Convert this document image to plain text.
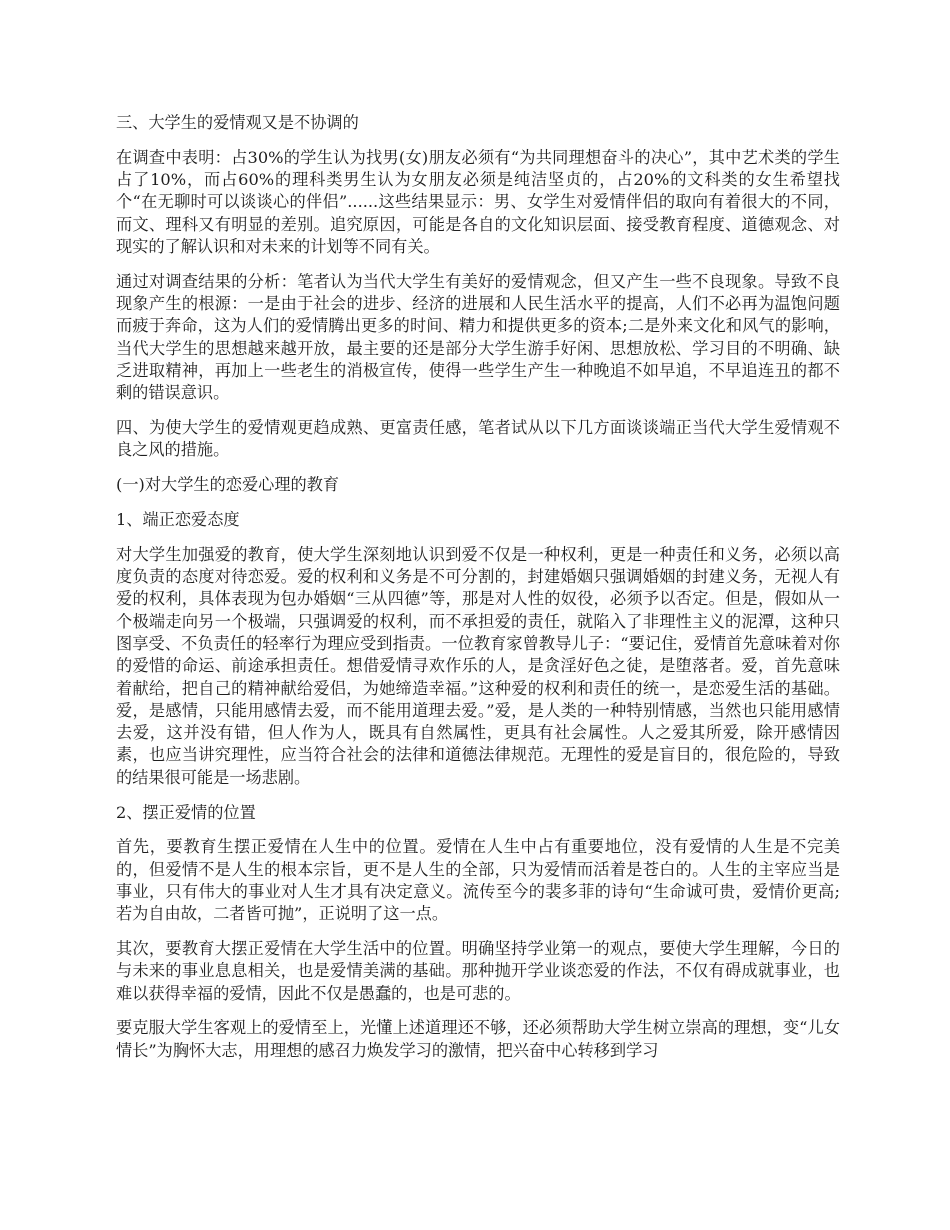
三、大学生的爱情观又是不协调的

在调查中表明：占30%的学生认为找男(女)朋友必须有“为共同理想奋斗的决心”，其中艺术类的学生占了10%，而占60%的理科类男生认为女朋友必须是纯洁坚贞的，占20%的文科类的女生希望找个“在无聊时可以谈谈心的伴侣”......这些结果显示：男、女学生对爱情伴侣的取向有着很大的不同，而文、理科又有明显的差别。追究原因，可能是各自的文化知识层面、接受教育程度、道德观念、对现实的了解认识和对未来的计划等不同有关。

通过对调查结果的分析：笔者认为当代大学生有美好的爱情观念，但又产生一些不良现象。导致不良现象产生的根源：一是由于社会的进步、经济的进展和人民生活水平的提高，人们不必再为温饱问题而疲于奔命，这为人们的爱情腾出更多的时间、精力和提供更多的资本;二是外来文化和风气的影响，当代大学生的思想越来越开放，最主要的还是部分大学生游手好闲、思想放松、学习目的不明确、缺乏进取精神，再加上一些老生的消极宣传，使得一些学生产生一种晚追不如早追，不早追连丑的都不剩的错误意识。

四、为使大学生的爱情观更趋成熟、更富责任感，笔者试从以下几方面谈谈端正当代大学生爱情观不良之风的措施。

(一)对大学生的恋爱心理的教育

1、端正恋爱态度

对大学生加强爱的教育，使大学生深刻地认识到爱不仅是一种权利，更是一种责任和义务，必须以高度负责的态度对待恋爱。爱的权利和义务是不可分割的，封建婚姻只强调婚姻的封建义务，无视人有爱的权利，具体表现为包办婚姻“三从四德”等，那是对人性的奴役，必须予以否定。但是，假如从一个极端走向另一个极端，只强调爱的权利，而不承担爱的责任，就陷入了非理性主义的泥潭，这种只图享受、不负责任的轻率行为理应受到指责。一位教育家曾教导儿子：“要记住，爱情首先意味着对你的爱惜的命运、前途承担责任。想借爱情寻欢作乐的人，是贪淫好色之徒，是堕落者。爱，首先意味着献给，把自己的精神献给爱侣，为她缔造幸福。”这种爱的权利和责任的统一，是恋爱生活的基础。爱，是感情，只能用感情去爱，而不能用道理去爱。”爱，是人类的一种特别情感，当然也只能用感情去爱，这并没有错，但人作为人，既具有自然属性，更具有社会属性。人之爱其所爱，除开感情因素，也应当讲究理性，应当符合社会的法律和道德法律规范。无理性的爱是盲目的，很危险的，导致的结果很可能是一场悲剧。

2、摆正爱情的位置

首先，要教育生摆正爱情在人生中的位置。爱情在人生中占有重要地位，没有爱情的人生是不完美的，但爱情不是人生的根本宗旨，更不是人生的全部，只为爱情而活着是苍白的。人生的主宰应当是事业，只有伟大的事业对人生才具有决定意义。流传至今的裴多菲的诗句“生命诚可贵，爱情价更高;若为自由故，二者皆可抛”，正说明了这一点。

其次，要教育大摆正爱情在大学生活中的位置。明确坚持学业第一的观点，要使大学生理解，今日的与未来的事业息息相关，也是爱情美满的基础。那种抛开学业谈恋爱的作法，不仅有碍成就事业，也难以获得幸福的爱情，因此不仅是愚蠢的，也是可悲的。

要克服大学生客观上的爱情至上，光懂上述道理还不够，还必须帮助大学生树立崇高的理想，变“儿女情长”为胸怀大志，用理想的感召力焕发学习的激情，把兴奋中心转移到学习
